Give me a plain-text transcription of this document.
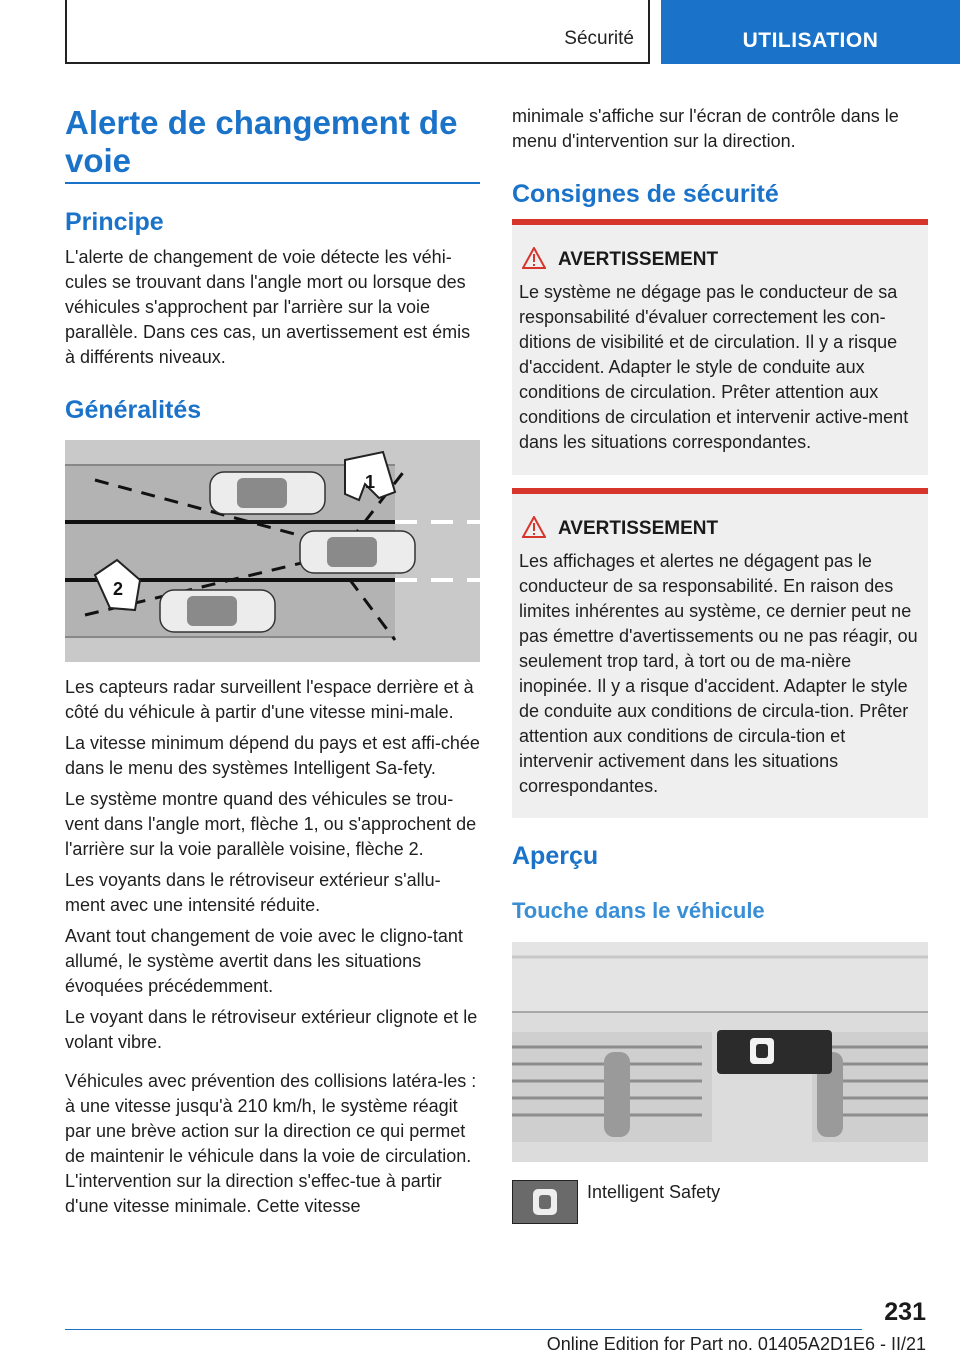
Sécurité	UTILISATION
Alerte de changement de voie
Principe

L'alerte de changement de voie détecte les véhi-cules se trouvant dans l'angle mort ou lorsque des véhicules s'approchent par l'arrière sur la voie parallèle. Dans ces cas, un avertissement est émis à différents niveaux.

Généralités
1
2

Les capteurs radar surveillent l'espace derrière et à côté du véhicule à partir d'une vitesse mini-male.

La vitesse minimum dépend du pays et est affi-chée dans le menu des systèmes Intelligent Sa-fety.

Le système montre quand des véhicules se trou-vent dans l'angle mort, flèche 1, ou s'approchent de l'arrière sur la voie parallèle voisine, flèche 2.

Les voyants dans le rétroviseur extérieur s'allu-ment avec une intensité réduite.

Avant tout changement de voie avec le cligno-tant allumé, le système avertit dans les situations évoquées précédemment.

Le voyant dans le rétroviseur extérieur clignote et le volant vibre.

Véhicules avec prévention des collisions latéra-les : à une vitesse jusqu'à 210 km/h, le système réagit par une brève action sur la direction ce qui permet de maintenir le véhicule dans la voie de circulation. L'intervention sur la direction s'effec-tue à partir d'une vitesse minimale. Cette vitesse

minimale s'affiche sur l'écran de contrôle dans le menu d'intervention sur la direction.

Consignes de sécurité
AVERTISSEMENT

Le système ne dégage pas le conducteur de sa responsabilité d'évaluer correctement les con-ditions de visibilité et de circulation. Il y a risque d'accident. Adapter le style de conduite aux conditions de circulation. Prêter attention aux conditions de circulation et intervenir active-ment dans les situations correspondantes.

AVERTISSEMENT

Les affichages et alertes ne dégagent pas le conducteur de sa responsabilité. En raison des limites inhérentes au système, ce dernier peut ne pas émettre d'avertissements ou ne pas réagir, ou seulement trop tard, à tort ou de ma-nière inopinée. Il y a risque d'accident. Adapter le style de conduite aux conditions de circula-tion. Prêter attention aux conditions de circula-tion et intervenir activement dans les situations correspondantes.

Aperçu
Touche dans le véhicule
Intelligent Safety
231
Online Edition for Part no. 01405A2D1E6 - II/21
